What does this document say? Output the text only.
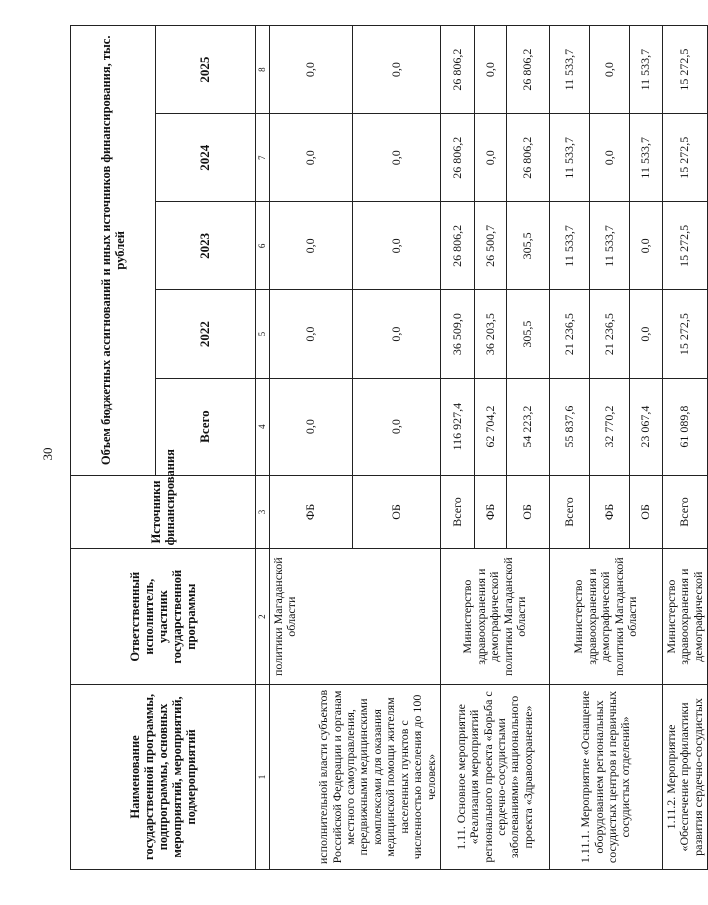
30
Наименование государственной программы, подпрограммы, основных мероприятий, мероприятий, подмероприятий	Ответственный исполнитель, участник государственной программы	Источники финансирования	Объем бюджетных ассигнований и иных источников финансирования, тыс. рублей				
			Всего	2022	2023	2024	2025
1	2	3	4	5	6	7	8
исполнительной власти субъектов Российской Федерации и органам местного самоуправления, передвижными медицинскими комплексами для оказания медицинской помощи жителям населенных пунктов с численностью населения до 100 человек»	политики Магаданской области	ФБ	0,0	0,0	0,0	0,0	0,0
		ОБ	0,0	0,0	0,0	0,0	0,0
1.11. Основное мероприятие «Реализация мероприятий регионального проекта «Борьба с сердечно-сосудистыми заболеваниями» национального проекта «Здравоохранение»	Министерство здравоохранения и демографической политики Магаданской области	Всего	116 927,4	36 509,0	26 806,2	26 806,2	26 806,2
		ФБ	62 704,2	36 203,5	26 500,7	0,0	0,0
		ОБ	54 223,2	305,5	305,5	26 806,2	26 806,2
1.11.1. Мероприятие «Оснащение оборудованием региональных сосудистых центров и первичных сосудистых отделений»	Министерство здравоохранения и демографической политики Магаданской области	Всего	55 837,6	21 236,5	11 533,7	11 533,7	11 533,7
		ФБ	32 770,2	21 236,5	11 533,7	0,0	0,0
		ОБ	23 067,4	0,0	0,0	11 533,7	11 533,7
1.11.2. Мероприятие «Обеспечение профилактики развития сердечно-сосудистых	Министерство здравоохранения и демографической	Всего	61 089,8	15 272,5	15 272,5	15 272,5	15 272,5
